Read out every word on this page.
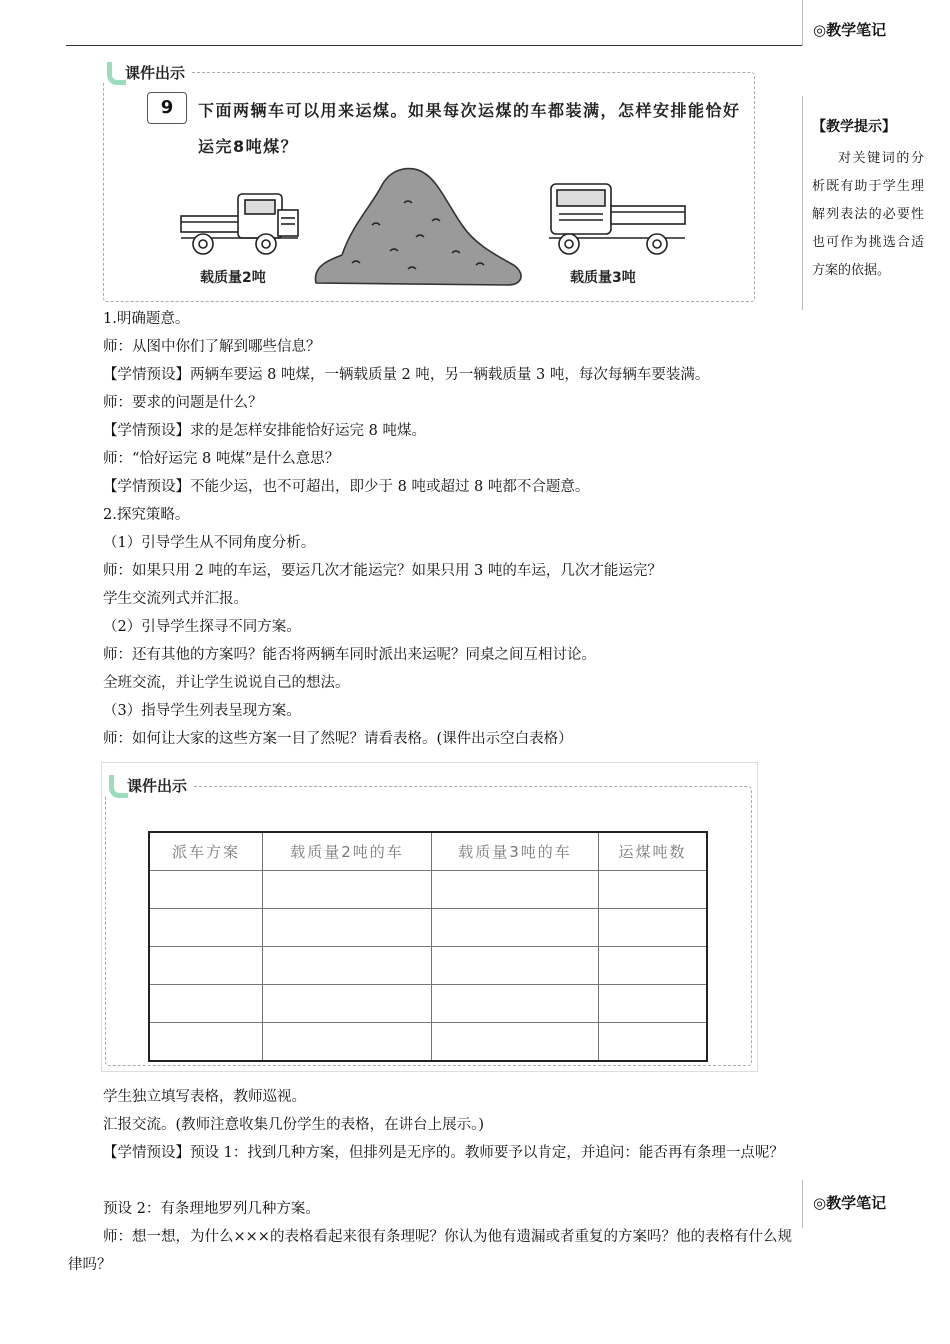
◎教学笔记
【教学提示】
对关键词的分析既有助于学生理解列表法的必要性也可作为挑选合适方案的依据。
课件出示
9	下面两辆车可以用来运煤。如果每次运煤的车都装满，怎样安排能恰好运完8吨煤？
载质量2吨	载质量3吨
1.明确题意。
师：从图中你们了解到哪些信息？
【学情预设】两辆车要运 8 吨煤，一辆载质量 2 吨，另一辆载质量 3 吨，每次每辆车要装满。
师：要求的问题是什么？
【学情预设】求的是怎样安排能恰好运完 8 吨煤。
师：“恰好运完 8 吨煤”是什么意思？
【学情预设】不能少运，也不可超出，即少于 8 吨或超过 8 吨都不合题意。
2.探究策略。
（1）引导学生从不同角度分析。
师：如果只用 2 吨的车运，要运几次才能运完？如果只用 3 吨的车运，几次才能运完？
学生交流列式并汇报。
（2）引导学生探寻不同方案。
师：还有其他的方案吗？能否将两辆车同时派出来运呢？同桌之间互相讨论。
全班交流，并让学生说说自己的想法。
（3）指导学生列表呈现方案。
师：如何让大家的这些方案一目了然呢？请看表格。(课件出示空白表格）
课件出示
派车方案	载质量2吨的车	载质量3吨的车	运煤吨数

学生独立填写表格，教师巡视。
汇报交流。(教师注意收集几份学生的表格，在讲台上展示。)
【学情预设】预设 1：找到几种方案，但排列是无序的。教师要予以肯定，并追问：能否再有条理一点呢？
预设 2：有条理地罗列几种方案。
师：想一想，为什么×××的表格看起来很有条理呢？你认为他有遗漏或者重复的方案吗？他的表格有什么规律吗？
◎教学笔记
